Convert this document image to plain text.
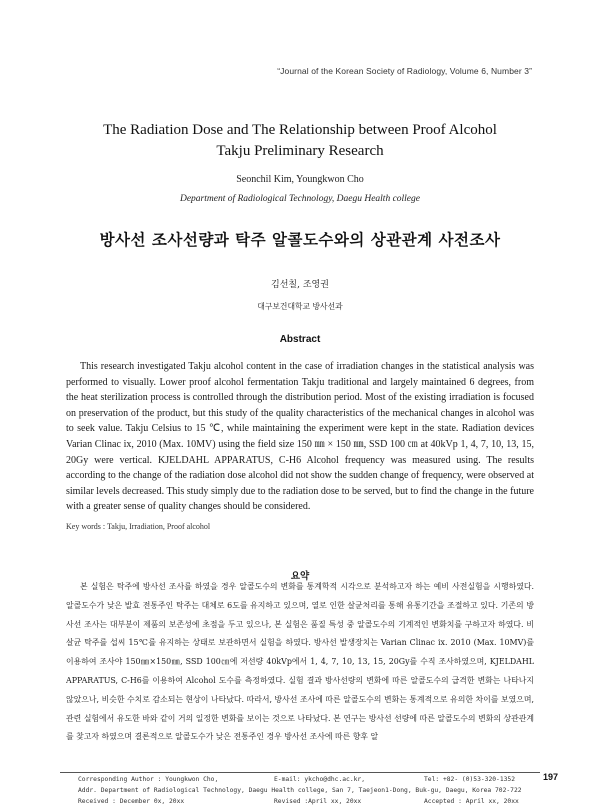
“Journal of the Korean Society of Radiology, Volume 6, Number 3”
The Radiation Dose and The Relationship between Proof Alcohol
Takju Preliminary Research
Seonchil Kim, Youngkwon Cho
Department of Radiological Technology, Daegu Health college
방사선 조사선량과 탁주 알콜도수와의 상관관계 사전조사
김선칠, 조영권
대구보건대학교 방사선과
Abstract
This research investigated Takju alcohol content in the case of irradiation changes in the statistical analysis was performed to visually. Lower proof alcohol fermentation Takju traditional and largely maintained 6 degrees, from the heat sterilization process is controlled through the distribution period. Most of the existing irradiation is focused on preservation of the product, but this study of the quality characteristics of the mechanical changes in alcohol was to seek value. Takju Celsius to 15 ℃, while maintaining the experiment were kept in the state. Radiation devices Varian Clinac ix, 2010 (Max. 10MV) using the field size 150 ㎜ × 150 ㎜, SSD 100 ㎝ at 40kVp 1, 4, 7, 10, 13, 15, 20Gy were vertical. KJELDAHL APPARATUS, C-H6 Alcohol frequency was measured using. The results according to the change of the radiation dose alcohol did not show the sudden change of frequency, were observed at similar levels decreased. This study simply due to the radiation dose to be served, but to find the change in the future with a greater sense of quality changes should be considered.
Key words : Takju, Irradiation, Proof alcohol
요약

본 실험은 탁주에 방사선 조사를 하였을 경우 알콜도수의 변화를 통계학적 시각으로 분석하고자 하는 예비 사전실험을 시행하였다. 알콜도수가 낮은 발효 전통주인 탁주는 대체로 6도를 유지하고 있으며, 열로 인한 살균처리를 통해 유통기간을 조절하고 있다. 기존의 방사선 조사는 대부분이 제품의 보존성에 초점을 두고 있으나, 본 실험은 품질 특성 중 알콜도수의 기계적인 변화치를 구하고자 하였다. 비살균 탁주를 섭씨 15℃를 유지하는 상태로 보관하면서 실험을 하였다. 방사선 발생장치는 Varian Clinac ix. 2010 (Max. 10MV)를 이용하여 조사야 150㎜×150㎜, SSD 100㎝에 저선량 40kVp에서 1, 4, 7, 10, 13, 15, 20Gy를 수직 조사하였으며, KJELDAHL APPARATUS, C-H6를 이용하여 Alcohol 도수를 측정하였다. 실험 결과 방사선량의 변화에 따른 알콜도수의 급격한 변화는 나타나지 않았으나, 비슷한 수치로 감소되는 현상이 나타났다. 따라서, 방사선 조사에 따른 알콜도수의 변화는 통계적으로 유의한 차이를 보였으며, 관련 실험에서 유도한 바와 같이 거의 일정한 변화를 보이는 것으로 나타났다. 본 연구는 방사선 선량에 따른 알콜도수의 변화의 상관관계를 찾고자 하였으며 결론적으로 알콜도수가 낮은 전통주인 경우 방사선 조사에 따른 향후 알

Corresponding Author : Youngkwon Cho,	E-mail: ykcho@dhc.ac.kr,	Tel: +82- (0)53-320-1352
Addr. Department of Radiological Technology, Daegu Health college, San 7, Taejeon1-Dong, Buk-gu, Daegu, Korea 702-722
Received : December 0x, 20xx	Revised :April xx, 20xx	Accepted : April xx, 20xx
197
